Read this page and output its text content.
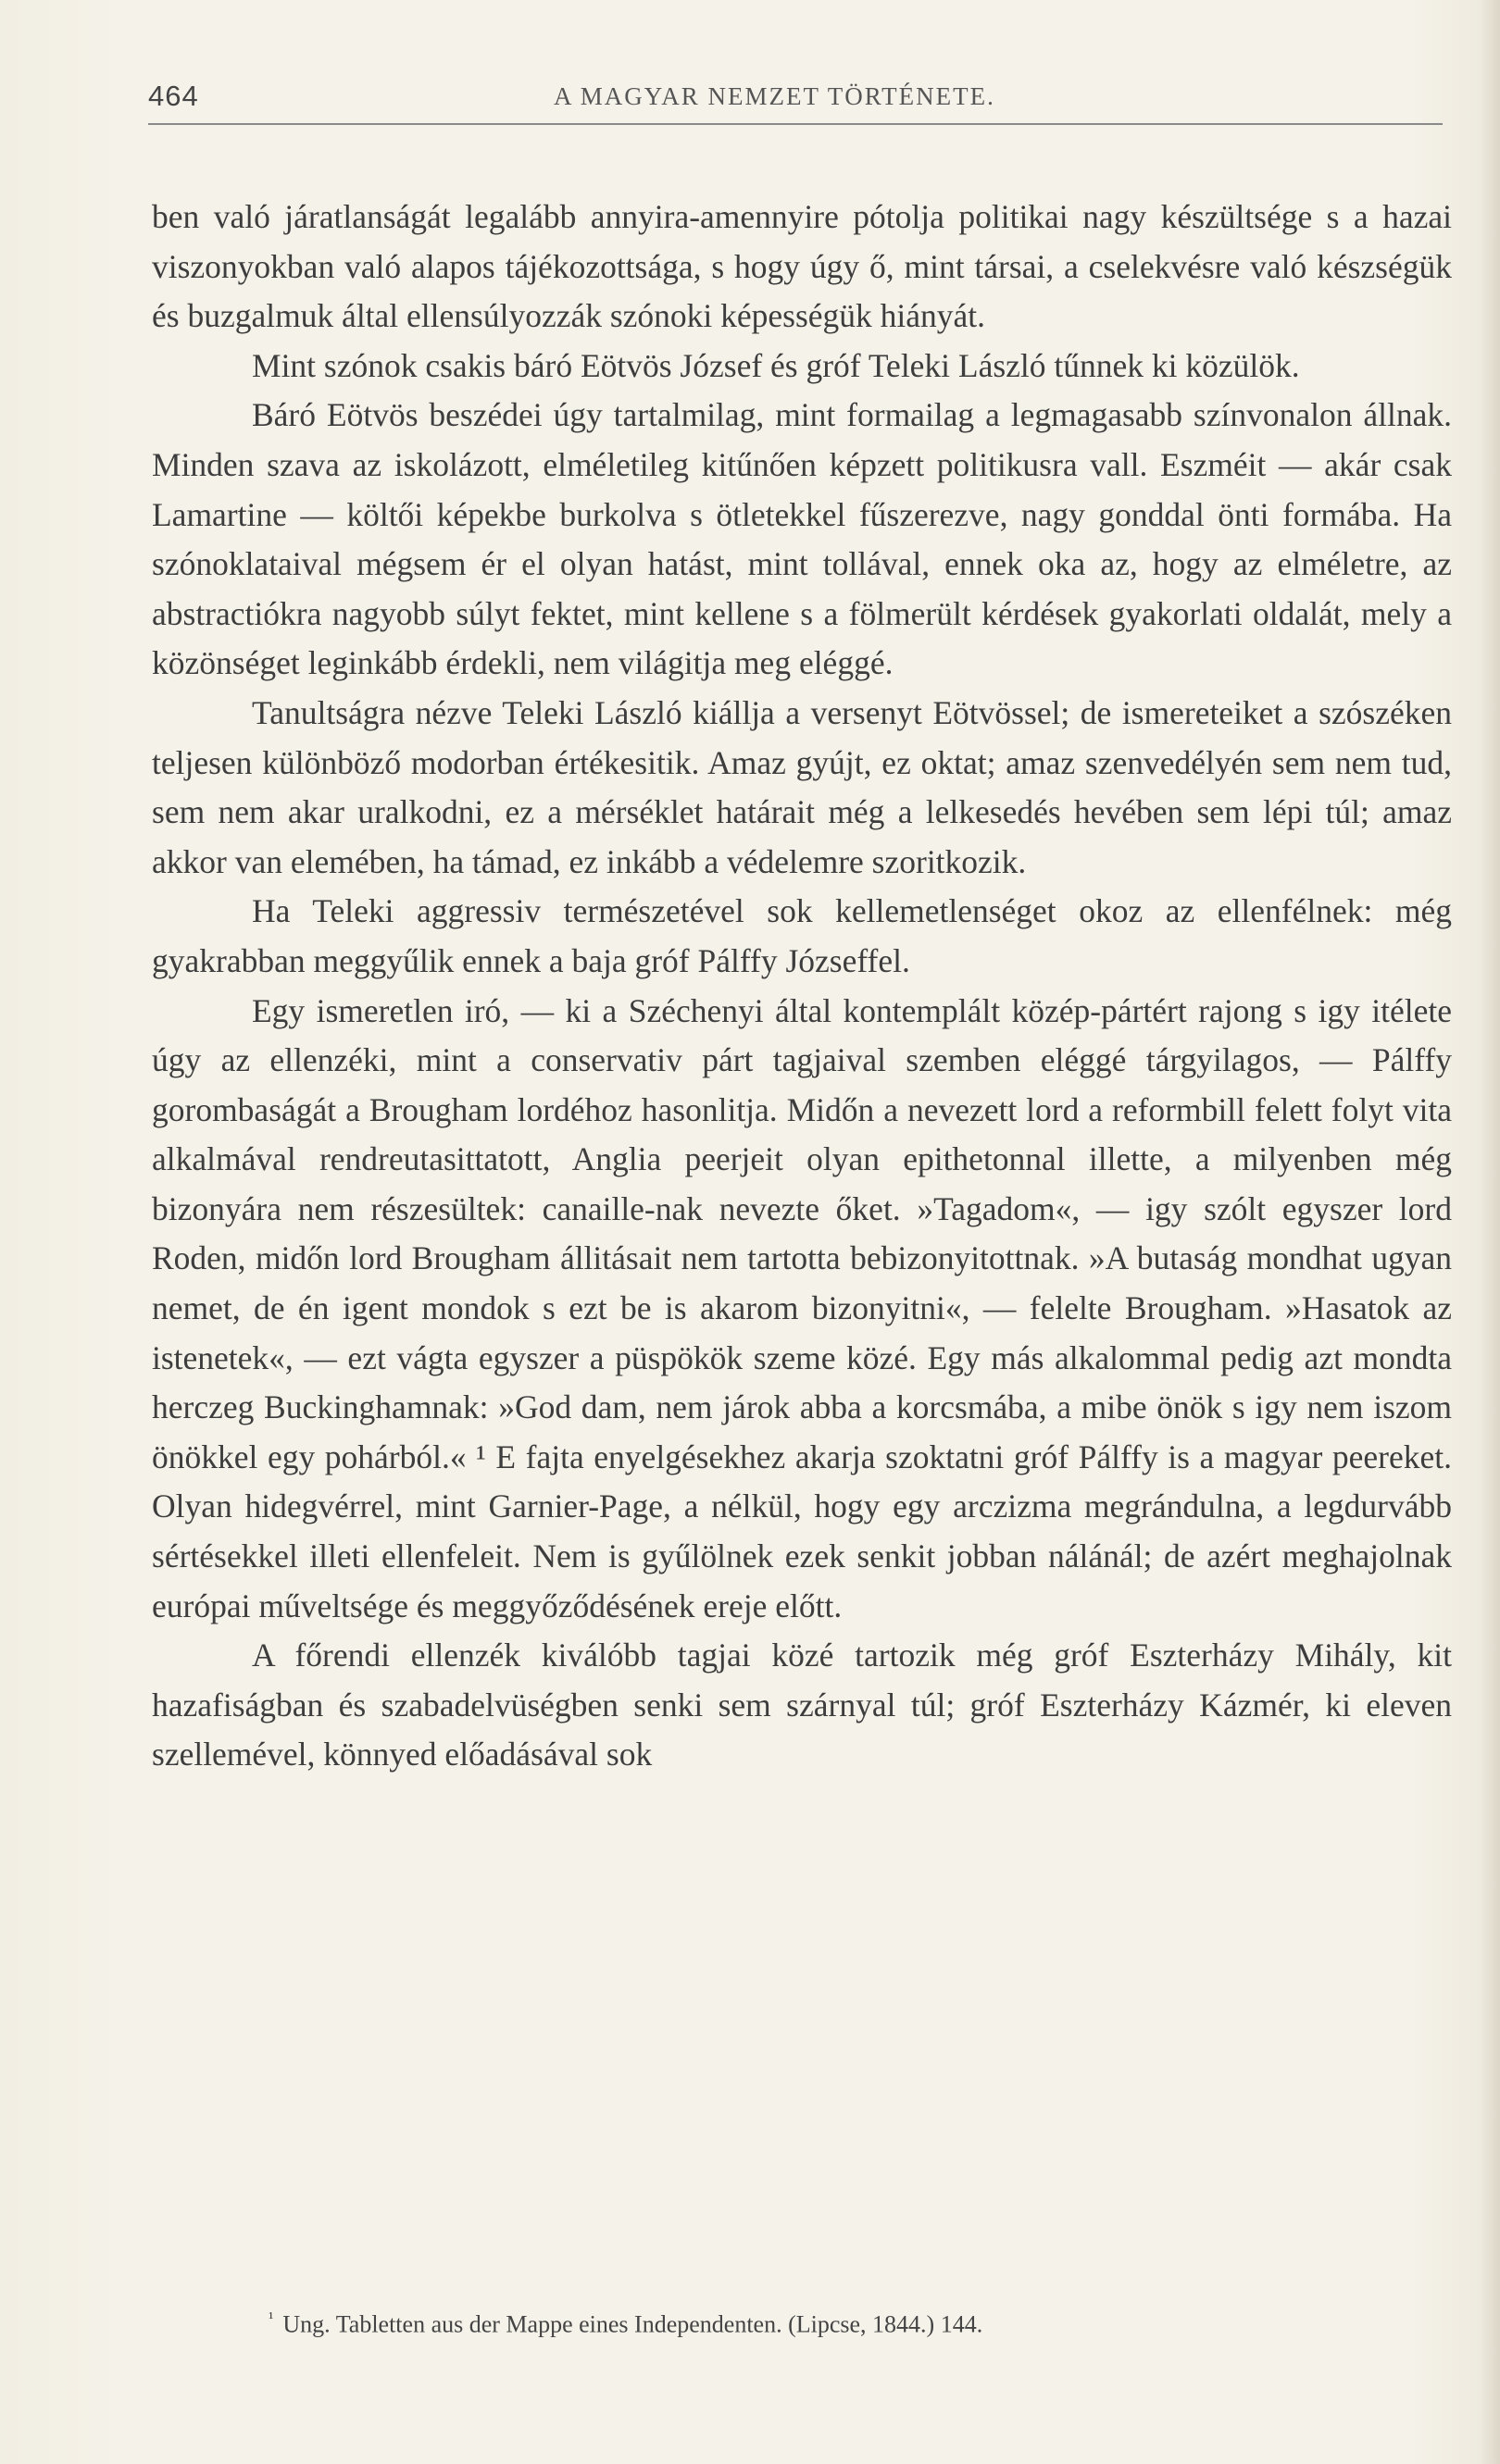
464	A MAGYAR NEMZET TÖRTÉNETE.

ben való járatlanságát legalább annyira-amennyire pótolja politikai nagy készültsége s a hazai viszonyokban való alapos tájékozottsága, s hogy úgy ő, mint társai, a cselekvésre való készségük és buzgalmuk által ellensúlyozzák szónoki képességük hiányát.

Mint szónok csakis báró Eötvös József és gróf Teleki László tűnnek ki közülök.

Báró Eötvös beszédei úgy tartalmilag, mint formailag a legmagasabb színvonalon állnak. Minden szava az iskolázott, elméletileg kitűnően képzett politikusra vall. Eszméit — akár csak Lamartine — költői képekbe burkolva s ötletekkel fűszerezve, nagy gonddal önti formába. Ha szónoklataival mégsem ér el olyan hatást, mint tollával, ennek oka az, hogy az elméletre, az abstractiókra nagyobb súlyt fektet, mint kellene s a fölmerült kérdések gyakorlati oldalát, mely a közönséget leginkább érdekli, nem világitja meg eléggé.

Tanultságra nézve Teleki László kiállja a versenyt Eötvössel; de ismereteiket a szószéken teljesen különböző modorban értékesitik. Amaz gyújt, ez oktat; amaz szenvedélyén sem nem tud, sem nem akar uralkodni, ez a mérséklet határait még a lelkesedés hevében sem lépi túl; amaz akkor van elemében, ha támad, ez inkább a védelemre szoritkozik.

Ha Teleki aggressiv természetével sok kellemetlenséget okoz az ellenfélnek: még gyakrabban meggyűlik ennek a baja gróf Pálffy Józseffel.

Egy ismeretlen iró, — ki a Széchenyi által kontemplált közép-pártért rajong s igy itélete úgy az ellenzéki, mint a conservativ párt tagjaival szemben eléggé tárgyilagos, — Pálffy gorombaságát a Brougham lordéhoz hasonlitja. Midőn a nevezett lord a reformbill felett folyt vita alkalmával rendreutasittatott, Anglia peerjeit olyan epithetonnal illette, a milyenben még bizonyára nem részesültek: canaille-nak nevezte őket. »Tagadom«, — igy szólt egyszer lord Roden, midőn lord Brougham állitásait nem tartotta bebizonyitottnak. »A butaság mondhat ugyan nemet, de én igent mondok s ezt be is akarom bizonyitni«, — felelte Brougham. »Hasatok az istenetek«, — ezt vágta egyszer a püspökök szeme közé. Egy más alkalommal pedig azt mondta herczeg Buckinghamnak: »God dam, nem járok abba a korcsmába, a mibe önök s igy nem iszom önökkel egy pohárból.« ¹ E fajta enyelgésekhez akarja szoktatni gróf Pálffy is a magyar peereket. Olyan hidegvérrel, mint Garnier-Page, a nélkül, hogy egy arczizma megrándulna, a legdurvább sértésekkel illeti ellenfeleit. Nem is gyűlölnek ezek senkit jobban nálánál; de azért meghajolnak európai műveltsége és meggyőződésének ereje előtt.

A főrendi ellenzék kiválóbb tagjai közé tartozik még gróf Eszterházy Mihály, kit hazafiságban és szabadelvüségben senki sem szárnyal túl; gróf Eszterházy Kázmér, ki eleven szellemével, könnyed előadásával sok

$^{^1}$ Ung. Tabletten aus der Mappe eines Independenten. (Lipcse, 1844.) 144.
